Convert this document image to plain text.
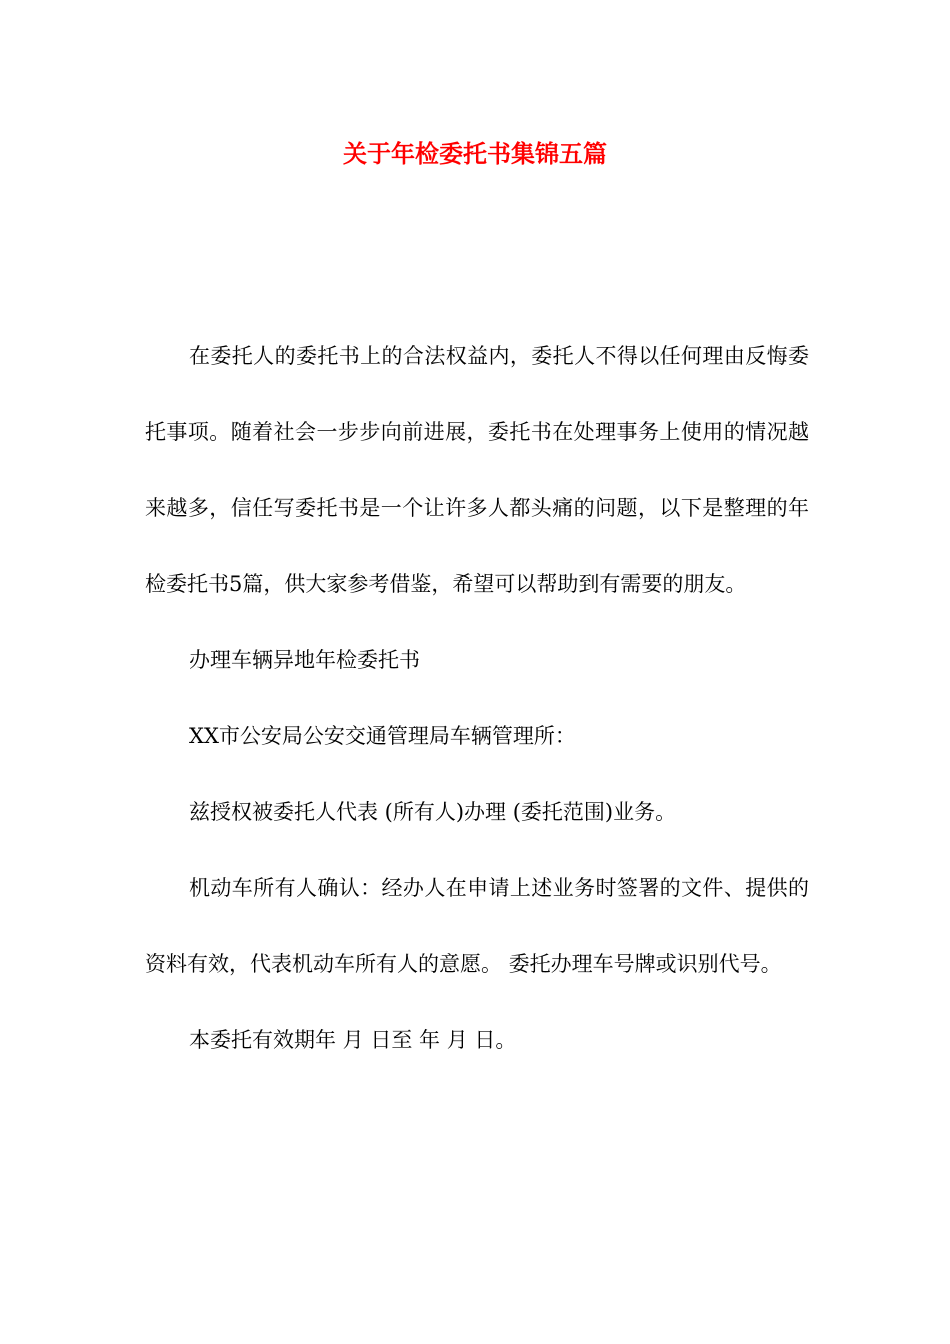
关于年检委托书集锦五篇

在委托人的委托书上的合法权益内，委托人不得以任何理由反悔委托事项。随着社会一步步向前进展，委托书在处理事务上使用的情况越来越多，信任写委托书是一个让许多人都头痛的问题，以下是整理的年检委托书5篇，供大家参考借鉴，希望可以帮助到有需要的朋友。

办理车辆异地年检委托书

XX市公安局公安交通管理局车辆管理所：

兹授权被委托人代表 (所有人)办理 (委托范围)业务。

机动车所有人确认：经办人在申请上述业务时签署的文件、提供的资料有效，代表机动车所有人的意愿。 委托办理车号牌或识别代号。

本委托有效期年 月 日至 年 月 日。
